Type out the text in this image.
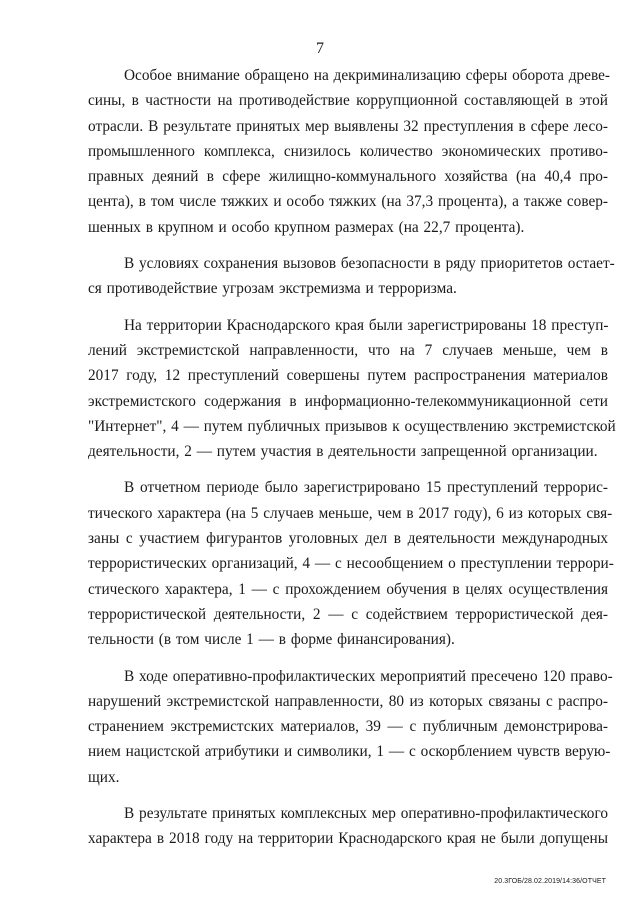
7
Особое внимание обращено на декриминализацию сферы оборота древе-
сины, в частности на противодействие коррупционной составляющей в этой
отрасли. В результате принятых мер выявлены 32 преступления в сфере лесо-
промышленного комплекса, снизилось количество экономических противо-
правных деяний в сфере жилищно-коммунального хозяйства (на 40,4 про-
цента), в том числе тяжких и особо тяжких (на 37,3 процента), а также совер-
шенных в крупном и особо крупном размерах (на 22,7 процента).
В условиях сохранения вызовов безопасности в ряду приоритетов остает-
ся противодействие угрозам экстремизма и терроризма.
На территории Краснодарского края были зарегистрированы 18 преступ-
лений экстремистской направленности, что на 7 случаев меньше, чем в
2017 году, 12 преступлений совершены путем распространения материалов
экстремистского содержания в информационно-телекоммуникационной сети
"Интернет", 4 — путем публичных призывов к осуществлению экстремистской
деятельности, 2 — путем участия в деятельности запрещенной организации.
В отчетном периоде было зарегистрировано 15 преступлений террорис-
тического характера (на 5 случаев меньше, чем в 2017 году), 6 из которых свя-
заны с участием фигурантов уголовных дел в деятельности международных
террористических организаций, 4 — с несообщением о преступлении террори-
стического характера, 1 — с прохождением обучения в целях осуществления
террористической деятельности, 2 — с содействием террористической дея-
тельности (в том числе 1 — в форме финансирования).
В ходе оперативно-профилактических мероприятий пресечено 120 право-
нарушений экстремистской направленности, 80 из которых связаны с распро-
странением экстремистских материалов, 39 — с публичным демонстрирова-
нием нацистской атрибутики и символики, 1 — с оскорблением чувств верую-
щих.
В результате принятых комплексных мер оперативно-профилактического
характера в 2018 году на территории Краснодарского края не были допущены
20.3ГОБ/28.02.2019/14:36/ОТЧЕТ
